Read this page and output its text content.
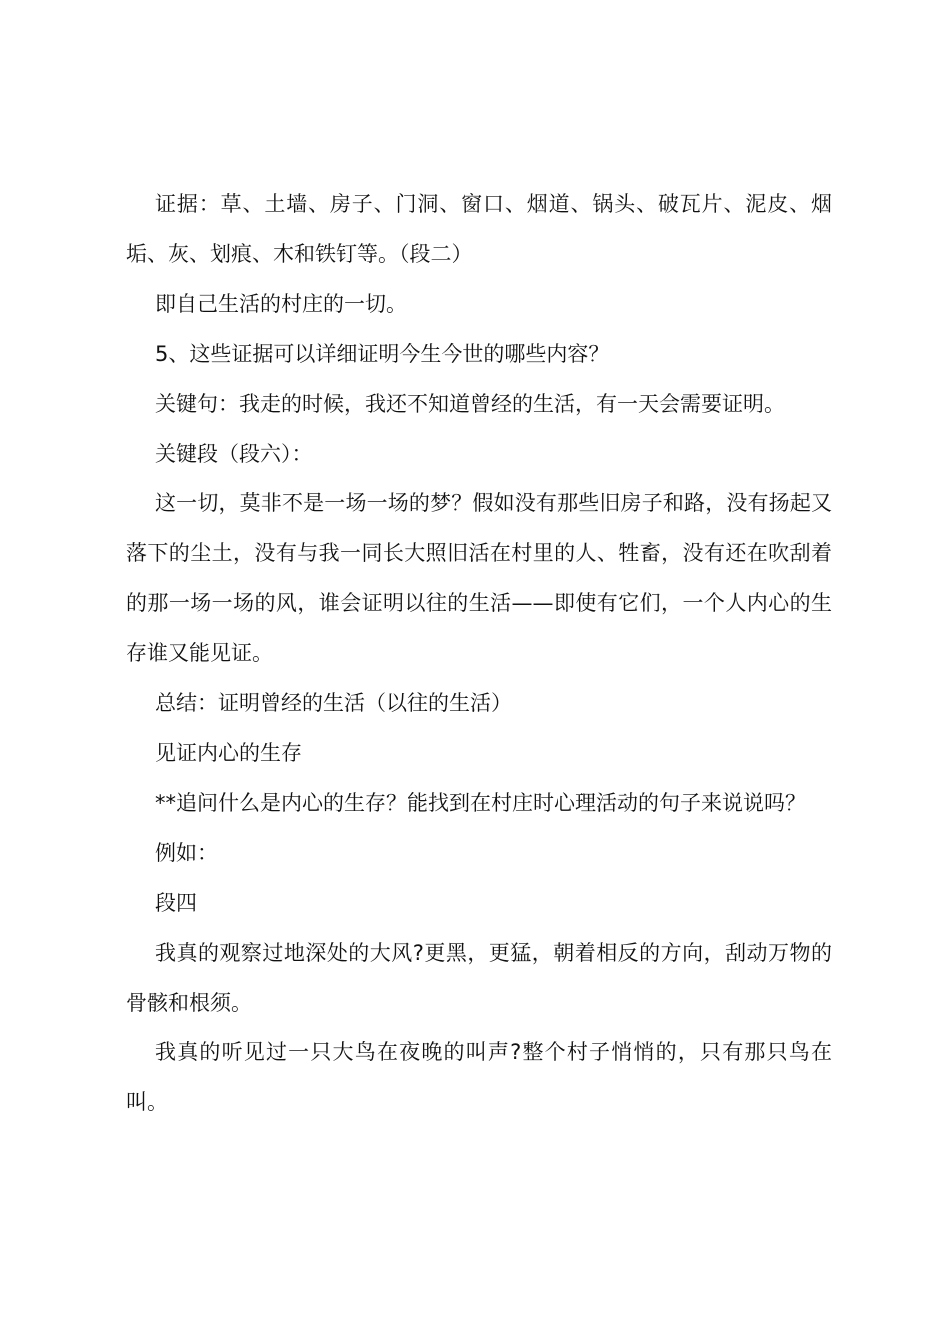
证据：草、土墙、房子、门洞、窗口、烟道、锅头、破瓦片、泥皮、烟垢、灰、划痕、木和铁钉等。（段二）

即自己生活的村庄的一切。

5、这些证据可以详细证明今生今世的哪些内容？

关键句：我走的时候，我还不知道曾经的生活，有一天会需要证明。

关键段（段六）：

这一切，莫非不是一场一场的梦？假如没有那些旧房子和路，没有扬起又落下的尘土，没有与我一同长大照旧活在村里的人、牲畜，没有还在吹刮着的那一场一场的风，谁会证明以往的生活——即使有它们，一个人内心的生存谁又能见证。

总结：证明曾经的生活（以往的生活）

见证内心的生存

**追问什么是内心的生存？能找到在村庄时心理活动的句子来说说吗？

例如：

段四

我真的观察过地深处的大风?更黑，更猛，朝着相反的方向，刮动万物的骨骸和根须。

我真的听见过一只大鸟在夜晚的叫声?整个村子悄悄的，只有那只鸟在叫。
